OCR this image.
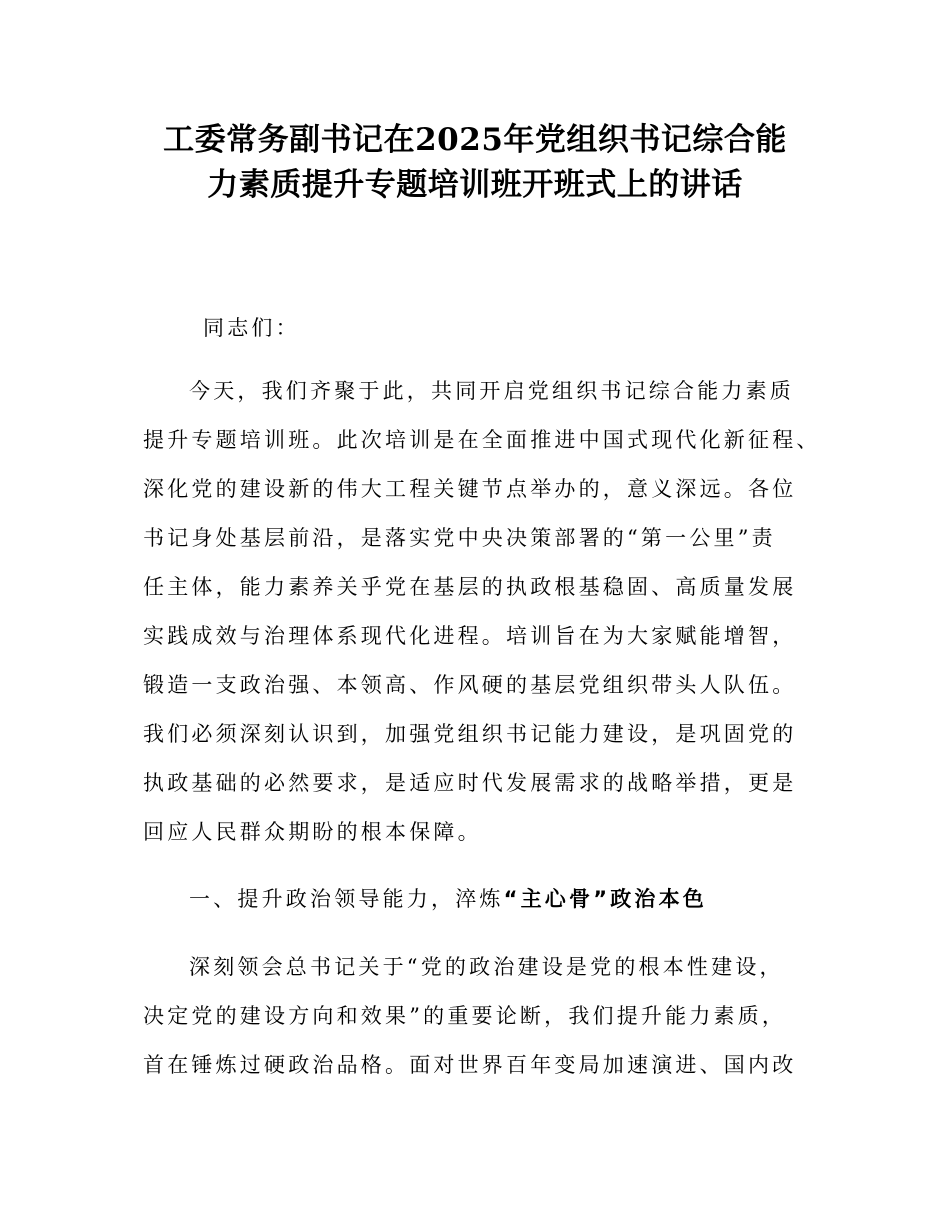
工委常务副书记在2025年党组织书记综合能
力素质提升专题培训班开班式上的讲话
同志们：
今天，我们齐聚于此，共同开启党组织书记综合能力素质
提升专题培训班。此次培训是在全面推进中国式现代化新征程、
深化党的建设新的伟大工程关键节点举办的，意义深远。各位
书记身处基层前沿，是落实党中央决策部署的“第一公里”责
任主体，能力素养关乎党在基层的执政根基稳固、高质量发展
实践成效与治理体系现代化进程。培训旨在为大家赋能增智，
锻造一支政治强、本领高、作风硬的基层党组织带头人队伍。
我们必须深刻认识到，加强党组织书记能力建设，是巩固党的
执政基础的必然要求，是适应时代发展需求的战略举措，更是
回应人民群众期盼的根本保障。
一、提升政治领导能力，淬炼“主心骨”政治本色
深刻领会总书记关于“党的政治建设是党的根本性建设，
决定党的建设方向和效果”的重要论断，我们提升能力素质，
首在锤炼过硬政治品格。面对世界百年变局加速演进、国内改
